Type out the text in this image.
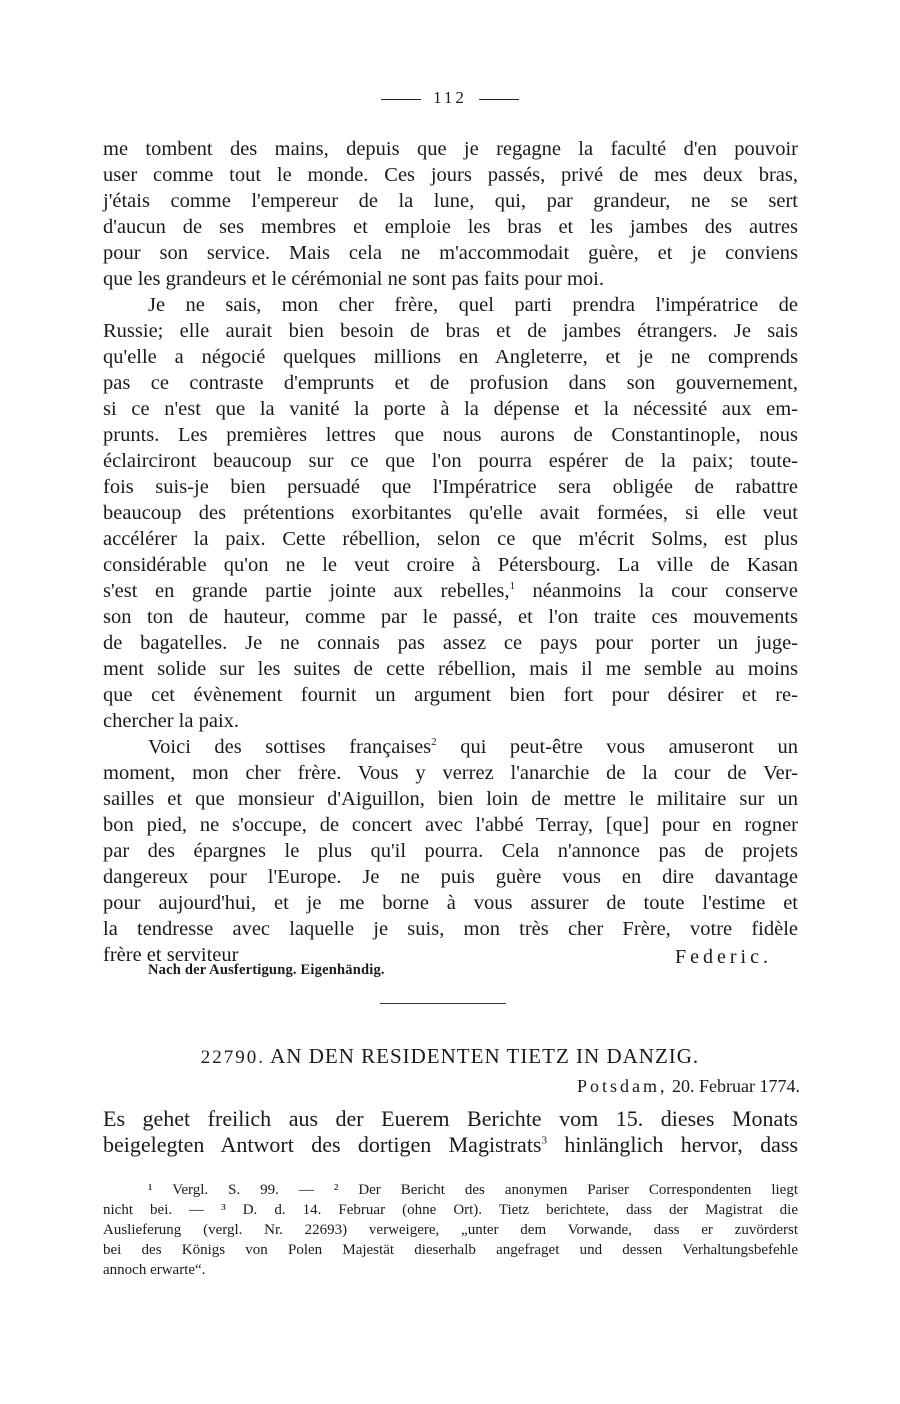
112
me tombent des mains, depuis que je regagne la faculté d'en pouvoir
user comme tout le monde. Ces jours passés, privé de mes deux bras,
j'étais comme l'empereur de la lune, qui, par grandeur, ne se sert
d'aucun de ses membres et emploie les bras et les jambes des autres
pour son service. Mais cela ne m'accommodait guère, et je conviens
que les grandeurs et le cérémonial ne sont pas faits pour moi.
Je ne sais, mon cher frère, quel parti prendra l'impératrice de
Russie; elle aurait bien besoin de bras et de jambes étrangers. Je sais
qu'elle a négocié quelques millions en Angleterre, et je ne comprends
pas ce contraste d'emprunts et de profusion dans son gouvernement,
si ce n'est que la vanité la porte à la dépense et la nécessité aux em-
prunts. Les premières lettres que nous aurons de Constantinople, nous
éclairciront beaucoup sur ce que l'on pourra espérer de la paix; toute-
fois suis-je bien persuadé que l'Impératrice sera obligée de rabattre
beaucoup des prétentions exorbitantes qu'elle avait formées, si elle veut
accélérer la paix. Cette rébellion, selon ce que m'écrit Solms, est plus
considérable qu'on ne le veut croire à Pétersbourg. La ville de Kasan
s'est en grande partie jointe aux rebelles,$^1$ néanmoins la cour conserve
son ton de hauteur, comme par le passé, et l'on traite ces mouvements
de bagatelles. Je ne connais pas assez ce pays pour porter un juge-
ment solide sur les suites de cette rébellion, mais il me semble au moins
que cet évènement fournit un argument bien fort pour désirer et re-
chercher la paix.
Voici des sottises françaises$^2$ qui peut-être vous amuseront un
moment, mon cher frère. Vous y verrez l'anarchie de la cour de Ver-
sailles et que monsieur d'Aiguillon, bien loin de mettre le militaire sur un
bon pied, ne s'occupe, de concert avec l'abbé Terray, [que] pour en rogner
par des épargnes le plus qu'il pourra. Cela n'annonce pas de projets
dangereux pour l'Europe. Je ne puis guère vous en dire davantage
pour aujourd'hui, et je me borne à vous assurer de toute l'estime et
la tendresse avec laquelle je suis, mon très cher Frère, votre fidèle
frère et serviteur	Federic.
Nach der Ausfertigung. Eigenhändig.
22790. AN DEN RESIDENTEN TIETZ IN DANZIG.
Potsdam, 20. Februar 1774.
Es gehet freilich aus der Euerem Berichte vom 15. dieses Monats
beigelegten Antwort des dortigen Magistrats$^3$ hinlänglich hervor, dass
¹ Vergl. S. 99. — ² Der Bericht des anonymen Pariser Correspondenten liegt
nicht bei. — ³ D. d. 14. Februar (ohne Ort). Tietz berichtete, dass der Magistrat die
Auslieferung (vergl. Nr. 22693) verweigere, „unter dem Vorwande, dass er zuvörderst
bei des Königs von Polen Majestät dieserhalb angefraget und dessen Verhaltungsbefehle
annoch erwarte“.
